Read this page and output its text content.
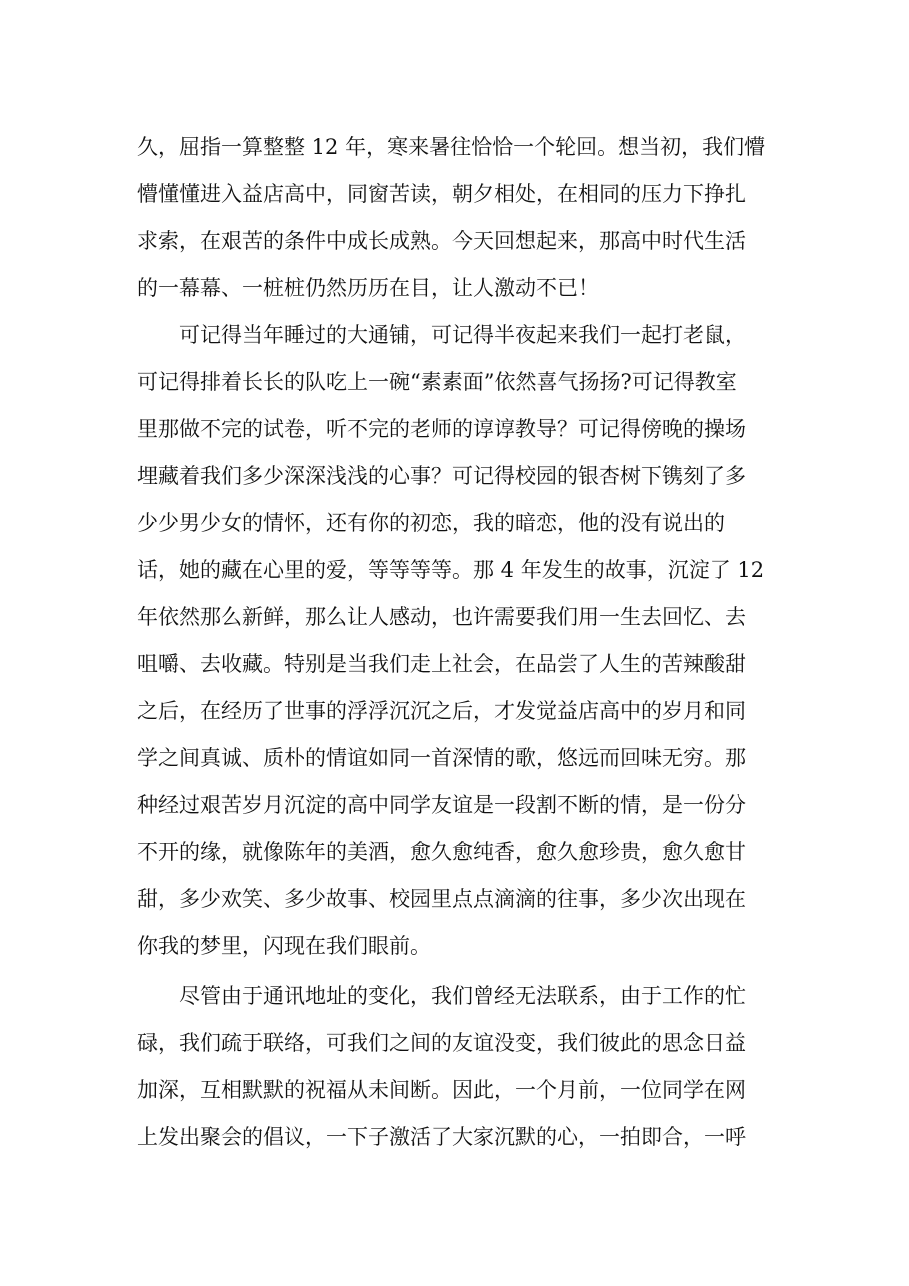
久，屈指一算整整 12 年，寒来暑往恰恰一个轮回。想当初，我们懵
懵懂懂进入益店高中，同窗苦读，朝夕相处，在相同的压力下挣扎
求索，在艰苦的条件中成长成熟。今天回想起来，那高中时代生活
的一幕幕、一桩桩仍然历历在目，让人激动不已！
可记得当年睡过的大通铺，可记得半夜起来我们一起打老鼠，
可记得排着长长的队吃上一碗“素素面”依然喜气扬扬?可记得教室
里那做不完的试卷，听不完的老师的谆谆教导？可记得傍晚的操场
埋藏着我们多少深深浅浅的心事？可记得校园的银杏树下镌刻了多
少少男少女的情怀，还有你的初恋，我的暗恋，他的没有说出的
话，她的藏在心里的爱，等等等等。那 4 年发生的故事，沉淀了 12
年依然那么新鲜，那么让人感动，也许需要我们用一生去回忆、去
咀嚼、去收藏。特别是当我们走上社会，在品尝了人生的苦辣酸甜
之后，在经历了世事的浮浮沉沉之后，才发觉益店高中的岁月和同
学之间真诚、质朴的情谊如同一首深情的歌，悠远而回味无穷。那
种经过艰苦岁月沉淀的高中同学友谊是一段割不断的情，是一份分
不开的缘，就像陈年的美酒，愈久愈纯香，愈久愈珍贵，愈久愈甘
甜，多少欢笑、多少故事、校园里点点滴滴的往事，多少次出现在
你我的梦里，闪现在我们眼前。
尽管由于通讯地址的变化，我们曾经无法联系，由于工作的忙
碌，我们疏于联络，可我们之间的友谊没变，我们彼此的思念日益
加深，互相默默的祝福从未间断。因此，一个月前，一位同学在网
上发出聚会的倡议，一下子激活了大家沉默的心，一拍即合，一呼
